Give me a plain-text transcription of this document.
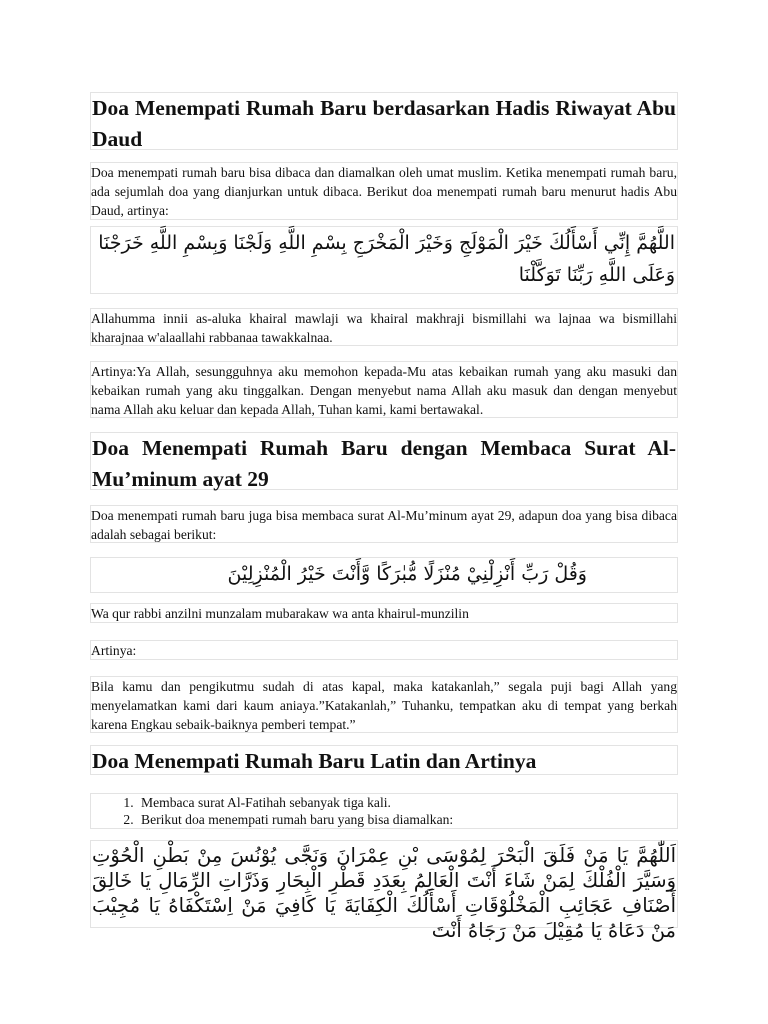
Doa Menempati Rumah Baru berdasarkan Hadis Riwayat Abu Daud

Doa menempati rumah baru bisa dibaca dan diamalkan oleh umat muslim. Ketika menempati rumah baru, ada sejumlah doa yang dianjurkan untuk dibaca. Berikut doa menempati rumah baru menurut hadis Abu Daud, artinya:

اللَّهُمَّ إِنِّي أَسْأَلُكَ خَيْرَ الْمَوْلَجِ وَخَيْرَ الْمَخْرَجِ بِسْمِ اللَّهِ وَلَجْنَا وَبِسْمِ اللَّهِ خَرَجْنَا وَعَلَى اللَّهِ رَبِّنَا تَوَكَّلْنَا

Allahumma innii as-aluka khairal mawlaji wa khairal makhraji bismillahi wa lajnaa wa bismillahi kharajnaa w'alaallahi rabbanaa tawakkalnaa.

Artinya:Ya Allah, sesungguhnya aku memohon kepada-Mu atas kebaikan rumah yang aku masuki dan kebaikan rumah yang aku tinggalkan. Dengan menyebut nama Allah aku masuk dan dengan menyebut nama Allah aku keluar dan kepada Allah, Tuhan kami, kami bertawakal.

Doa Menempati Rumah Baru dengan Membaca Surat Al-Mu’minum ayat 29

Doa menempati rumah baru juga bisa membaca surat Al-Mu’minum ayat 29, adapun doa yang bisa dibaca adalah sebagai berikut:

وَقُلْ رَبِّ أَنْزِلْنِيْ مُنْزَلًا مُّبٰرَكًا وَّأَنْتَ خَيْرُ الْمُنْزِلِيْنَ

Wa qur rabbi anzilni munzalam mubarakaw wa anta khairul-munzilin

Artinya:

Bila kamu dan pengikutmu sudah di atas kapal, maka katakanlah,” segala puji bagi Allah yang menyelamatkan kami dari kaum aniaya.”Katakanlah,” Tuhanku, tempatkan aku di tempat yang berkah karena Engkau sebaik-baiknya pemberi tempat.”

Doa Menempati Rumah Baru Latin dan Artinya
1. Membaca surat Al-Fatihah sebanyak tiga kali.
2. Berikut doa menempati rumah baru yang bisa diamalkan:

اَللّٰهُمَّ يَا مَنْ فَلَقَ الْبَحْرَ لِمُوْسَى بْنِ عِمْرَانَ وَنَجَّى يُوْنُسَ مِنْ بَطْنِ الْحُوْتِ وَسَيَّرَ الْفُلْكَ لِمَنْ شَاءَ أَنْتَ الْعَالِمُ بِعَدَدِ قَطْرِ الْبِحَارِ وَذَرَّاتِ الرِّمَالِ يَا خَالِقَ أَصْنَافِ عَجَائِبِ الْمَخْلُوْقَاتِ أَسْأَلُكَ الْكِفَايَةَ يَا كَافِيَ مَنْ اِسْتَكْفَاهُ يَا مُجِيْبَ مَنْ دَعَاهُ يَا مُقِيْلَ مَنْ رَجَاهُ أَنْتَ
